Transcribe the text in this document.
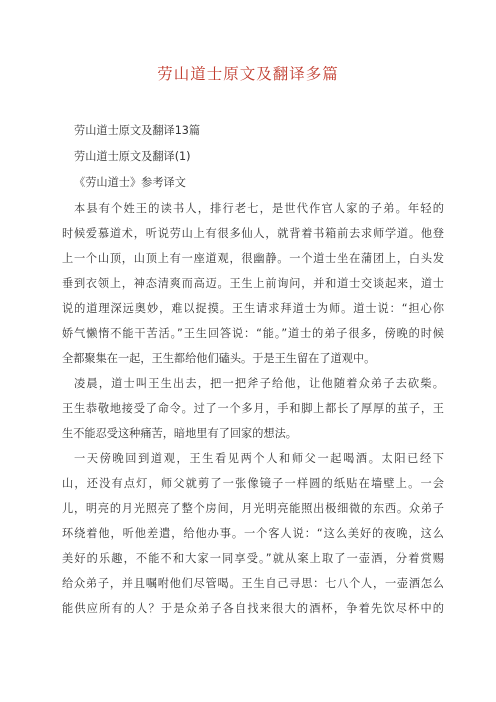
劳山道士原文及翻译多篇
劳山道士原文及翻译13篇
劳山道士原文及翻译(1)
《劳山道士》参考译文
本县有个姓王的读书人，排行老七，是世代作官人家的子弟。年轻的
时候爱慕道术，听说劳山上有很多仙人，就背着书箱前去求师学道。他登
上一个山顶，山顶上有一座道观，很幽静。一个道士坐在蒲团上，白头发
垂到衣领上，神态清爽而高迈。王生上前询问，并和道士交谈起来，道士
说的道理深远奥妙，难以捉摸。王生请求拜道士为师。道士说：“担心你
娇气懒惰不能干苦活。”王生回答说：“能。”道士的弟子很多，傍晚的时候
全都聚集在一起，王生都给他们磕头。于是王生留在了道观中。
凌晨，道士叫王生出去，把一把斧子给他，让他随着众弟子去砍柴。
王生恭敬地接受了命令。过了一个多月，手和脚上都长了厚厚的茧子，王
生不能忍受这种痛苦，暗地里有了回家的想法。
一天傍晚回到道观，王生看见两个人和师父一起喝酒。太阳已经下
山，还没有点灯，师父就剪了一张像镜子一样圆的纸贴在墙壁上。一会
儿，明亮的月光照亮了整个房间，月光明亮能照出极细微的东西。众弟子
环绕着他，听他差遣，给他办事。一个客人说：“这么美好的夜晚，这么
美好的乐趣，不能不和大家一同享受。”就从案上取了一壶酒，分着赏赐
给众弟子，并且嘱咐他们尽管喝。王生自己寻思：七八个人，一壶酒怎么
能供应所有的人？于是众弟子各自找来很大的酒杯，争着先饮尽杯中的
